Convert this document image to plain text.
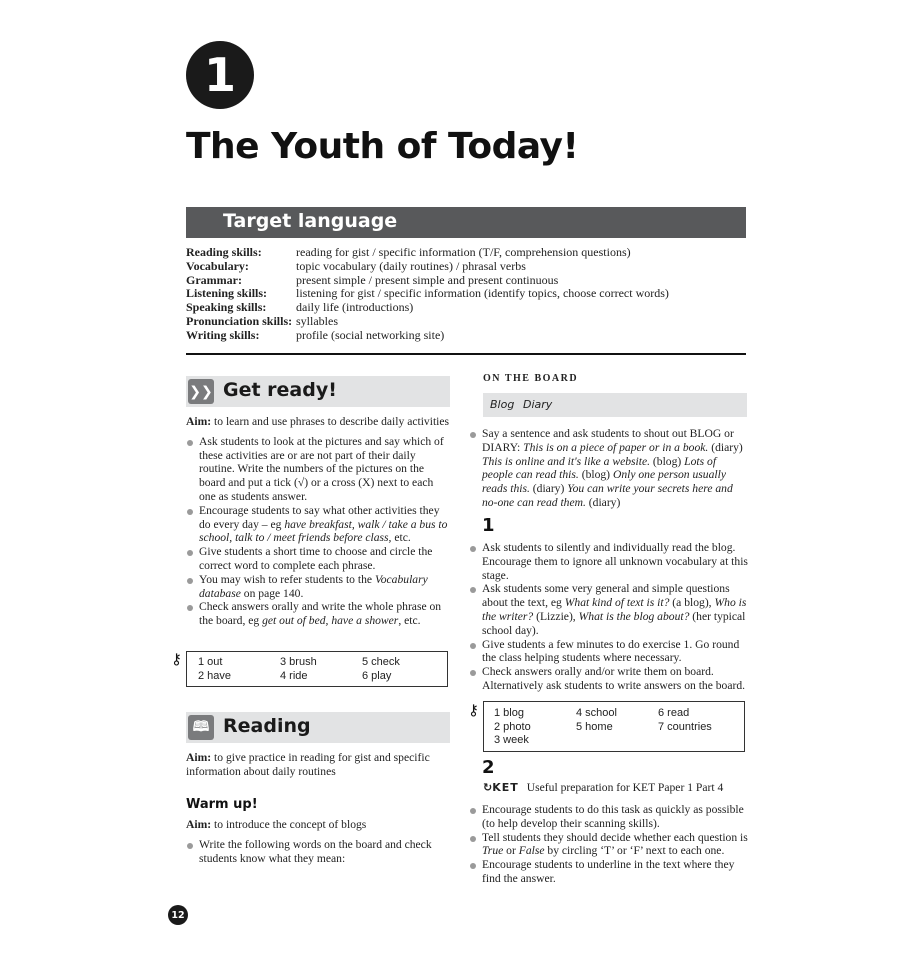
1
The Youth of Today!
Target language
Reading skills:	reading for gist / specific information (T/F, comprehension questions)
Vocabulary:	topic vocabulary (daily routines) / phrasal verbs
Grammar:	present simple / present simple and present continuous
Listening skills:	listening for gist / specific information (identify topics, choose correct words)
Speaking skills:	daily life (introductions)
Pronunciation skills: syllables
Writing skills:	profile (social networking site)
❯❯ Get ready!

Aim: to learn and use phrases to describe daily activities

Ask students to look at the pictures and say which of these activities are or are not part of their daily routine. Write the numbers of the pictures on the board and put a tick (√) or a cross (X) next to each one as students answer.
Encourage students to say what other activities they do every day – eg have breakfast, walk / take a bus to school, talk to / meet friends before class, etc.
Give students a short time to choose and circle the correct word to complete each phrase.
You may wish to refer students to the Vocabulary database on page 140.
Check answers orally and write the whole phrase on the board, eg get out of bed, have a shower, etc.
⚷ 1 out	3 brush	5 check
2 have	4 ride	6 play
🕮 Reading

Aim: to give practice in reading for gist and specific information about daily routines

Warm up!

Aim: to introduce the concept of blogs

Write the following words on the board and check students know what they mean:
ON THE BOARD
Blog Diary
Say a sentence and ask students to shout out BLOG or DIARY: This is on a piece of paper or in a book. (diary) This is online and it's like a website. (blog) Lots of people can read this. (blog) Only one person usually reads this. (diary) You can write your secrets here and no-one can read them. (diary)
1
Ask students to silently and individually read the blog. Encourage them to ignore all unknown vocabulary at this stage.
Ask students some very general and simple questions about the text, eg What kind of text is it? (a blog), Who is the writer? (Lizzie), What is the blog about? (her typical school day).
Give students a few minutes to do exercise 1. Go round the class helping students where necessary.
Check answers orally and/or write them on board. Alternatively ask students to write answers on the board.
⚷ 1 blog	4 school	6 read
2 photo	5 home	7 countries
3 week
2
↻KET Useful preparation for KET Paper 1 Part 4
Encourage students to do this task as quickly as possible (to help develop their scanning skills).
Tell students they should decide whether each question is True or False by circling ‘T’ or ‘F’ next to each one.
Encourage students to underline in the text where they find the answer.
12
